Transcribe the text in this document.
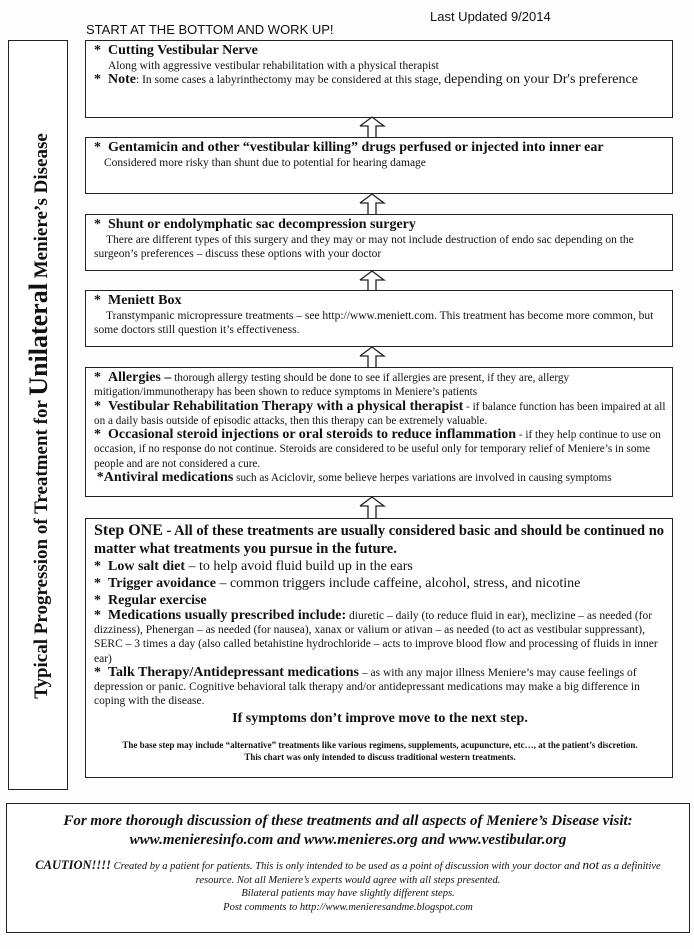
Last Updated 9/2014
START AT THE BOTTOM AND WORK UP!
Typical Progression of Treatment for Unilateral Meniere’s Disease
*  Cutting Vestibular Nerve
Along with aggressive vestibular rehabilitation with a physical therapist
*  Note: In some cases a labyrinthectomy may be considered at this stage, depending on your Dr's preference
*  Gentamicin and other “vestibular killing” drugs perfused or injected into inner ear
Considered more risky than shunt due to potential for hearing damage
*  Shunt or endolymphatic sac decompression surgery
There are different types of this surgery and they may or may not include destruction of endo sac depending on the surgeon’s preferences – discuss these options with your doctor
*  Meniett Box
Transtympanic micropressure treatments – see http://www.meniett.com. This treatment has become more common, but some doctors still question it’s effectiveness.
*  Allergies – thorough allergy testing should be done to see if allergies are present, if they are, allergy mitigation/immunotherapy has been shown to reduce symptoms in Meniere’s patients
*  Vestibular Rehabilitation Therapy with a physical therapist - if balance function has been impaired at all on a daily basis outside of episodic attacks, then this therapy can be extremely valuable.
*  Occasional steroid injections or oral steroids to reduce inflammation - if they help continue to use on occasion, if no response do not continue. Steroids are considered to be useful only for temporary relief of Meniere’s in some people and are not considered a cure.
*Antiviral medications such as Aciclovir, some believe herpes variations are involved in causing symptoms
Step ONE - All of these treatments are usually considered basic and should be continued no matter what treatments you pursue in the future.
*  Low salt diet – to help avoid fluid build up in the ears
*  Trigger avoidance – common triggers include caffeine, alcohol, stress, and nicotine
*  Regular exercise
*  Medications usually prescribed include: diuretic – daily (to reduce fluid in ear), meclizine – as needed (for dizziness), Phenergan – as needed (for nausea), xanax or valium or ativan – as needed (to act as vestibular suppressant), SERC – 3 times a day (also called betahistine hydrochloride – acts to improve blood flow and processing of fluids in inner ear)
*  Talk Therapy/Antidepressant medications – as with any major illness Meniere’s may cause feelings of depression or panic. Cognitive behavioral talk therapy and/or antidepressant medications may make a big difference in coping with the disease.
If symptoms don’t improve move to the next step.
The base step may include “alternative” treatments like various regimens, supplements, acupuncture, etc…, at the patient’s discretion. This chart was only intended to discuss traditional western treatments.
For more thorough discussion of these treatments and all aspects of Meniere’s Disease visit:
www.menieresinfo.com and www.menieres.org and www.vestibular.org
CAUTION!!!! Created by a patient for patients. This is only intended to be used as a point of discussion with your doctor and not as a definitive resource. Not all Meniere’s experts would agree with all steps presented.
Bilateral patients may have slightly different steps.
Post comments to http://www.menieresandme.blogspot.com
